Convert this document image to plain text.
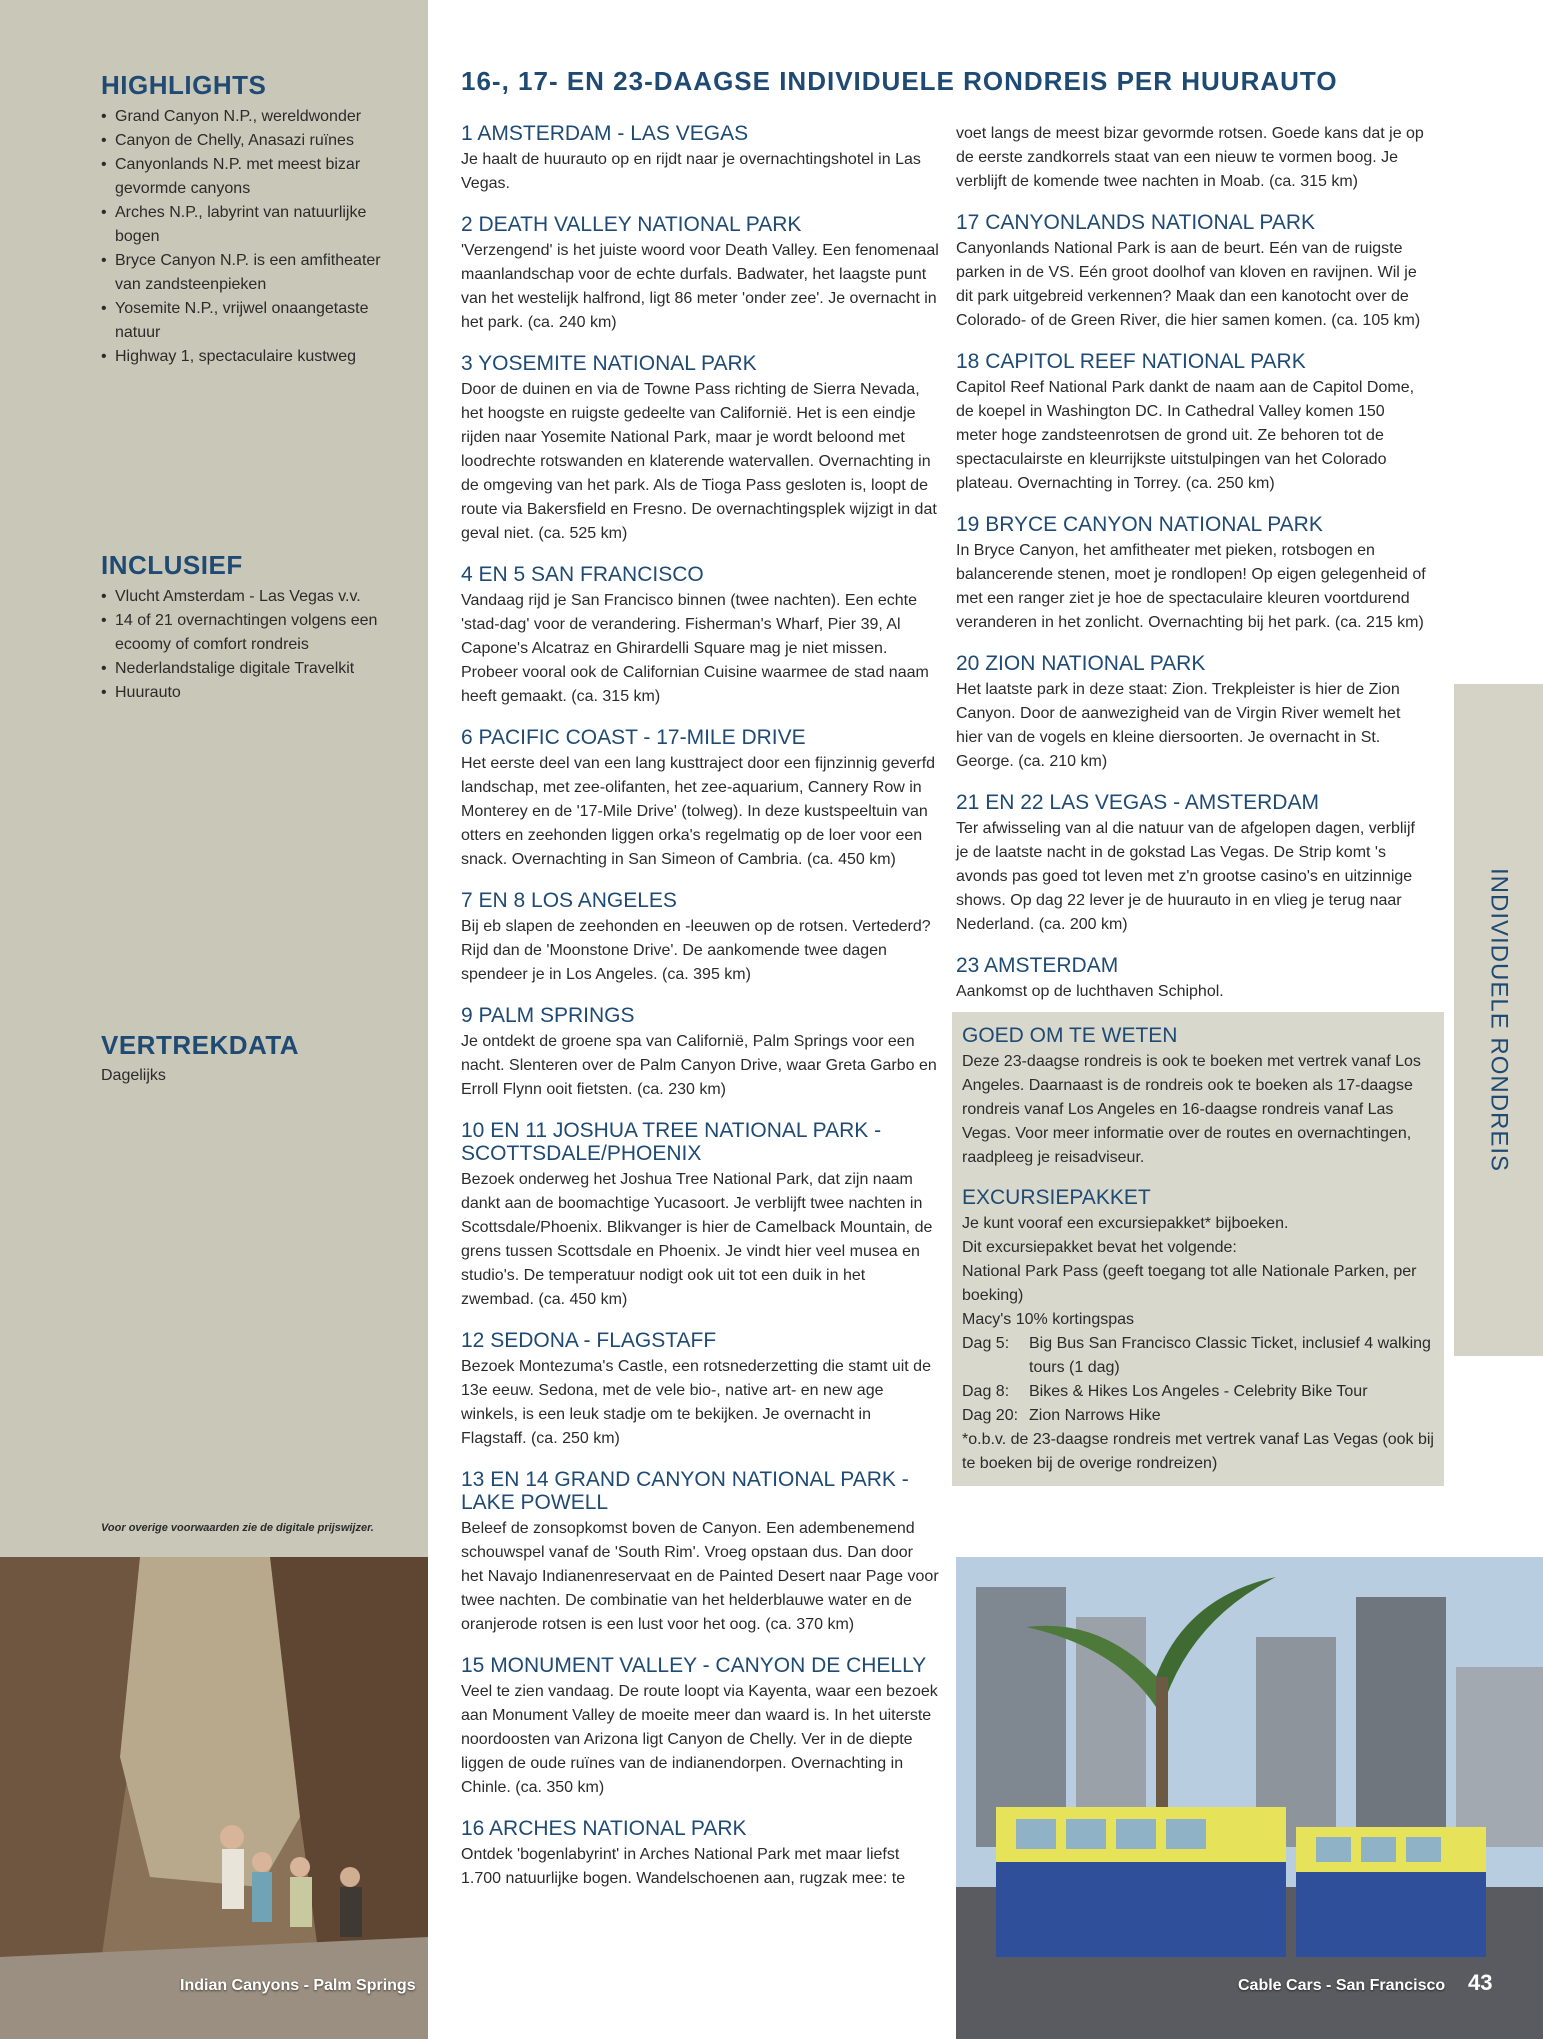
HIGHLIGHTS
• Grand Canyon N.P., wereldwonder
• Canyon de Chelly, Anasazi ruïnes
• Canyonlands N.P. met meest bizar gevormde canyons
• Arches N.P., labyrint van natuurlijke bogen
• Bryce Canyon N.P. is een amfitheater van zandsteenpieken
• Yosemite N.P., vrijwel onaangetaste natuur
• Highway 1, spectaculaire kustweg
INCLUSIEF
• Vlucht Amsterdam - Las Vegas v.v.
• 14 of 21 overnachtingen volgens een ecoomy of comfort rondreis
• Nederlandstalige digitale Travelkit
• Huurauto
VERTREKDATA
Dagelijks
Voor overige voorwaarden zie de digitale prijswijzer.
16-, 17- EN 23-DAAGSE INDIVIDUELE RONDREIS PER HUURAUTO
1 AMSTERDAM - LAS VEGAS

Je haalt de huurauto op en rijdt naar je overnachtingshotel in Las Vegas.

2 DEATH VALLEY NATIONAL PARK

'Verzengend' is het juiste woord voor Death Valley. Een fenomenaal maanlandschap voor de echte durfals. Badwater, het laagste punt van het westelijk halfrond, ligt 86 meter 'onder zee'. Je overnacht in het park. (ca. 240 km)

3 YOSEMITE NATIONAL PARK

Door de duinen en via de Towne Pass richting de Sierra Nevada, het hoogste en ruigste gedeelte van Californië. Het is een eindje rijden naar Yosemite National Park, maar je wordt beloond met loodrechte rotswanden en klaterende watervallen. Overnachting in de omgeving van het park. Als de Tioga Pass gesloten is, loopt de route via Bakersfield en Fresno. De overnachtingsplek wijzigt in dat geval niet. (ca. 525 km)

4 EN 5 SAN FRANCISCO

Vandaag rijd je San Francisco binnen (twee nachten). Een echte 'stad-dag' voor de verandering. Fisherman's Wharf, Pier 39, Al Capone's Alcatraz en Ghirardelli Square mag je niet missen. Probeer vooral ook de Californian Cuisine waarmee de stad naam heeft gemaakt. (ca. 315 km)

6 PACIFIC COAST - 17-MILE DRIVE

Het eerste deel van een lang kusttraject door een fijnzinnig geverfd landschap, met zee-olifanten, het zee-aquarium, Cannery Row in Monterey en de '17-Mile Drive' (tolweg). In deze kustspeeltuin van otters en zeehonden liggen orka's regelmatig op de loer voor een snack. Overnachting in San Simeon of Cambria. (ca. 450 km)

7 EN 8 LOS ANGELES

Bij eb slapen de zeehonden en -leeuwen op de rotsen. Vertederd? Rijd dan de 'Moonstone Drive'. De aankomende twee dagen spendeer je in Los Angeles. (ca. 395 km)

9 PALM SPRINGS

Je ontdekt de groene spa van Californië, Palm Springs voor een nacht. Slenteren over de Palm Canyon Drive, waar Greta Garbo en Erroll Flynn ooit fietsten. (ca. 230 km)

10 EN 11 JOSHUA TREE NATIONAL PARK - SCOTTSDALE/PHOENIX

Bezoek onderweg het Joshua Tree National Park, dat zijn naam dankt aan de boomachtige Yucasoort. Je verblijft twee nachten in Scottsdale/Phoenix. Blikvanger is hier de Camelback Mountain, de grens tussen Scottsdale en Phoenix. Je vindt hier veel musea en studio's. De temperatuur nodigt ook uit tot een duik in het zwembad. (ca. 450 km)

12 SEDONA - FLAGSTAFF

Bezoek Montezuma's Castle, een rotsnederzetting die stamt uit de 13e eeuw. Sedona, met de vele bio-, native art- en new age winkels, is een leuk stadje om te bekijken. Je overnacht in Flagstaff. (ca. 250 km)

13 EN 14 GRAND CANYON NATIONAL PARK - LAKE POWELL

Beleef de zonsopkomst boven de Canyon. Een adembenemend schouwspel vanaf de 'South Rim'. Vroeg opstaan dus. Dan door het Navajo Indianenreservaat en de Painted Desert naar Page voor twee nachten. De combinatie van het helderblauwe water en de oranjerode rotsen is een lust voor het oog. (ca. 370 km)

15 MONUMENT VALLEY - CANYON DE CHELLY

Veel te zien vandaag. De route loopt via Kayenta, waar een bezoek aan Monument Valley de moeite meer dan waard is. In het uiterste noordoosten van Arizona ligt Canyon de Chelly. Ver in de diepte liggen de oude ruïnes van de indianendorpen. Overnachting in Chinle. (ca. 350 km)

16 ARCHES NATIONAL PARK

Ontdek 'bogenlabyrint' in Arches National Park met maar liefst 1.700 natuurlijke bogen. Wandelschoenen aan, rugzak mee: te

voet langs de meest bizar gevormde rotsen. Goede kans dat je op de eerste zandkorrels staat van een nieuw te vormen boog. Je verblijft de komende twee nachten in Moab. (ca. 315 km)

17 CANYONLANDS NATIONAL PARK

Canyonlands National Park is aan de beurt. Eén van de ruigste parken in de VS. Eén groot doolhof van kloven en ravijnen. Wil je dit park uitgebreid verkennen? Maak dan een kanotocht over de Colorado- of de Green River, die hier samen komen. (ca. 105 km)

18 CAPITOL REEF NATIONAL PARK

Capitol Reef National Park dankt de naam aan de Capitol Dome, de koepel in Washington DC. In Cathedral Valley komen 150 meter hoge zandsteenrotsen de grond uit. Ze behoren tot de spectaculairste en kleurrijkste uitstulpingen van het Colorado plateau. Overnachting in Torrey. (ca. 250 km)

19 BRYCE CANYON NATIONAL PARK

In Bryce Canyon, het amfitheater met pieken, rotsbogen en balancerende stenen, moet je rondlopen! Op eigen gelegenheid of met een ranger ziet je hoe de spectaculaire kleuren voortdurend veranderen in het zonlicht. Overnachting bij het park. (ca. 215 km)

20 ZION NATIONAL PARK

Het laatste park in deze staat: Zion. Trekpleister is hier de Zion Canyon. Door de aanwezigheid van de Virgin River wemelt het hier van de vogels en kleine diersoorten. Je overnacht in St. George. (ca. 210 km)

21 EN 22 LAS VEGAS - AMSTERDAM

Ter afwisseling van al die natuur van de afgelopen dagen, verblijf je de laatste nacht in de gokstad Las Vegas. De Strip komt 's avonds pas goed tot leven met z'n grootse casino's en uitzinnige shows. Op dag 22 lever je de huurauto in en vlieg je terug naar Nederland. (ca. 200 km)

23 AMSTERDAM

Aankomst op de luchthaven Schiphol.

GOED OM TE WETEN

Deze 23-daagse rondreis is ook te boeken met vertrek vanaf Los Angeles. Daarnaast is de rondreis ook te boeken als 17-daagse rondreis vanaf Los Angeles en 16-daagse rondreis vanaf Las Vegas. Voor meer informatie over de routes en overnachtingen, raadpleeg je reisadviseur.

EXCURSIEPAKKET
Je kunt vooraf een excursiepakket* bijboeken.
Dit excursiepakket bevat het volgende:
National Park Pass (geeft toegang tot alle Nationale Parken, per boeking)
Macy's 10% kortingspas
Dag 5:	Big Bus San Francisco Classic Ticket, inclusief 4 walking tours (1 dag)
Dag 8:	Bikes & Hikes Los Angeles - Celebrity Bike Tour
Dag 20: Zion Narrows Hike
*o.b.v. de 23-daagse rondreis met vertrek vanaf Las Vegas (ook bij te boeken bij de overige rondreizen)
INDIVIDUELE RONDREIS
Indian Canyons - Palm Springs	Cable Cars - San Francisco 43
